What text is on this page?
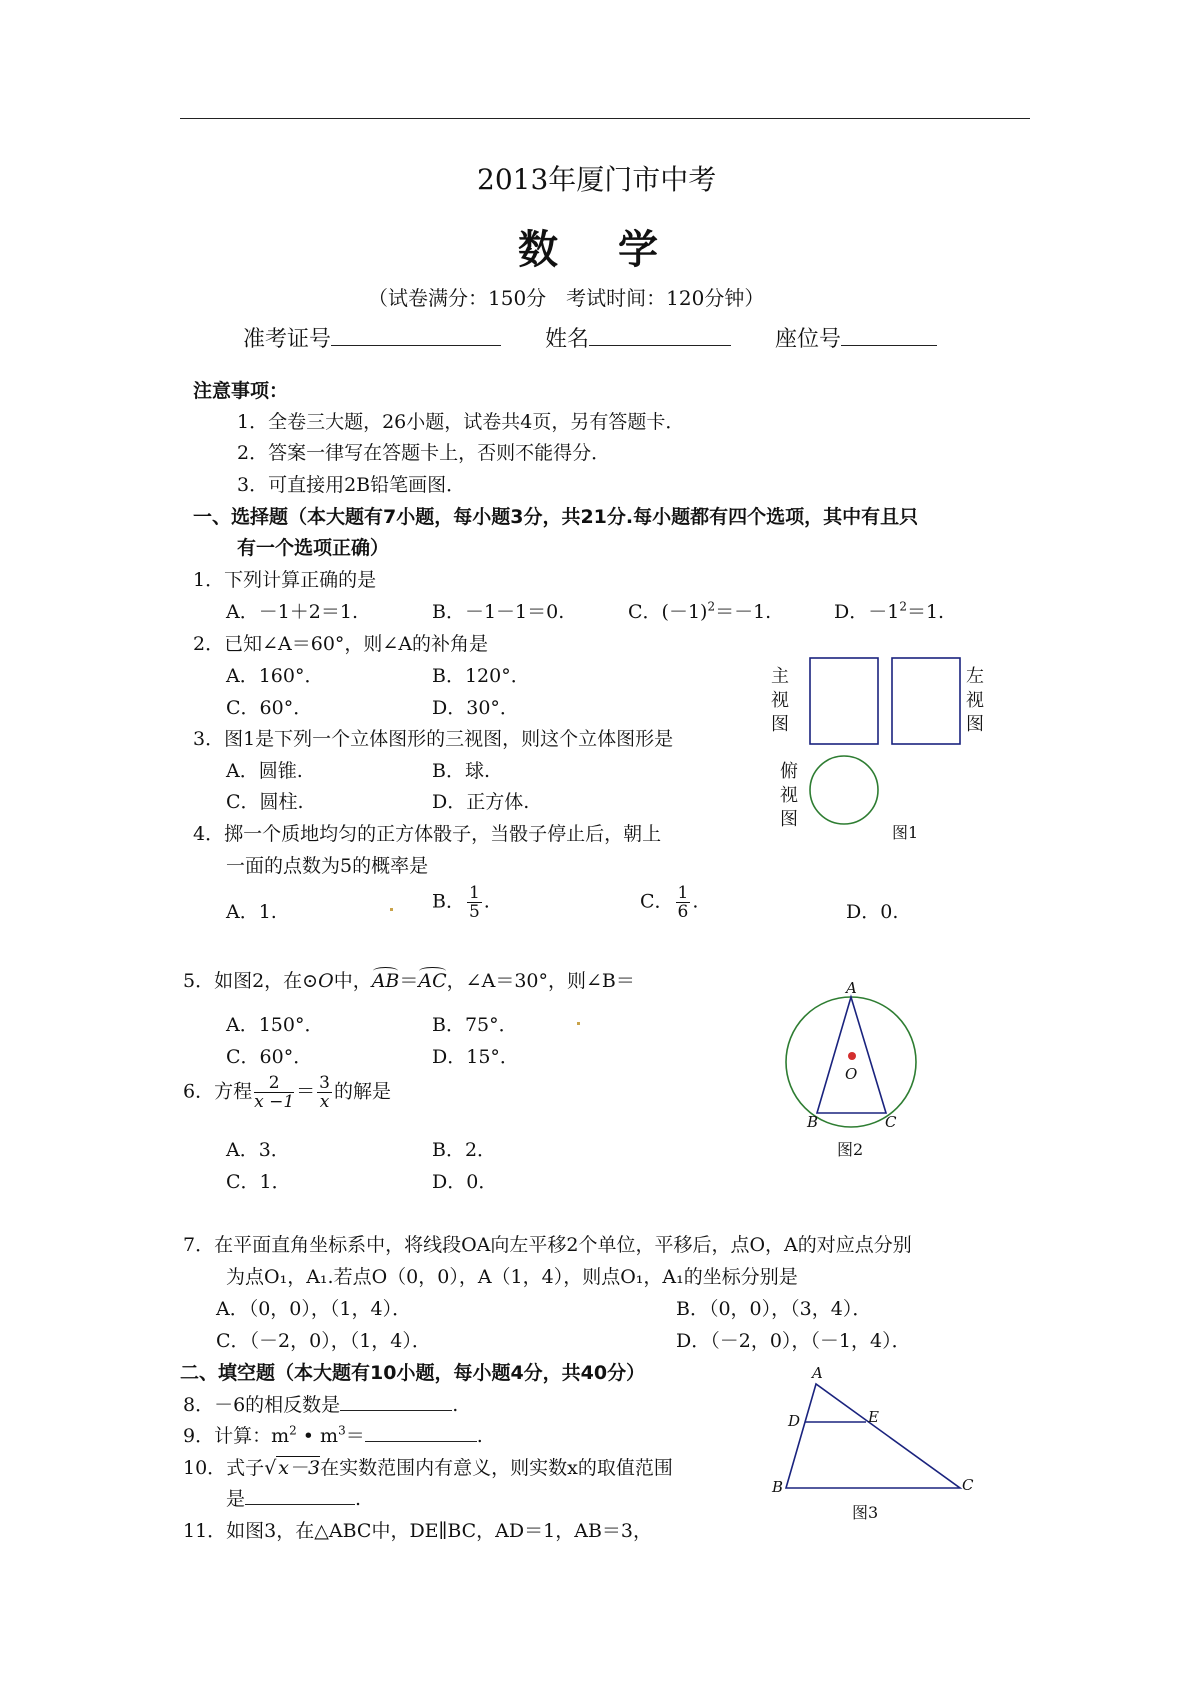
2013年厦门市中考
数学
（试卷满分：150分　考试时间：120分钟）
准考证号	姓名	座位号
注意事项：
1．全卷三大题，26小题，试卷共4页，另有答题卡．
2．答案一律写在答题卡上，否则不能得分．
3．可直接用2B铅笔画图．
一、选择题（本大题有7小题，每小题3分，共21分.每小题都有四个选项，其中有且只
有一个选项正确）
1．下列计算正确的是
A．－1＋2＝1.	B．－1－1＝0.	C．$(-1)^2=-1$.	D．$-1^2=1$.
2．已知∠A＝60°，则∠A的补角是
A．160°．	B．120°．
C．60°．	D．30°．
3．图1是下列一个立体图形的三视图，则这个立体图形是
A．圆锥.	B．球.
C．圆柱.	D．正方体.
4．掷一个质地均匀的正方体骰子，当骰子停止后，朝上
一面的点数为5的概率是
A．1.	B． $\frac{1}{5}$ .	C． $\frac{1}{6}$ .	D．0.
5．如图2，在⊙O中，AB＝AC，∠A＝30°，则∠B＝
A．150°．	B．75°．
C．60°．	D．15°．
6．方程 $\frac{2}{x -1} = \frac{3}{x}$ 的解是
A．3．	B．2．
C．1．	D．0．
7．在平面直角坐标系中，将线段OA向左平移2个单位，平移后，点O，A的对应点分别
为点O₁，A₁.若点O（0，0），A（1，4），则点O₁，A₁的坐标分别是
A．（0，0），（1，4）．	B．（0，0），（3，4）．
C．（－2，0），（1，4）．	D．（－2，0），（－1，4）．
二、填空题（本大题有10小题，每小题4分，共40分）
8．－6的相反数是	.
9．计算：$m^2$ • $m^3=$	.
10．式子√ x－3在实数范围内有意义，则实数x的取值范围
是	.
11．如图3，在△ABC中，DE∥BC，AD＝1，AB＝3，
主
视
图
左
视
图
俯
视
图
图1
A
O
B	C
图2
A
D	E
B	C
图3
